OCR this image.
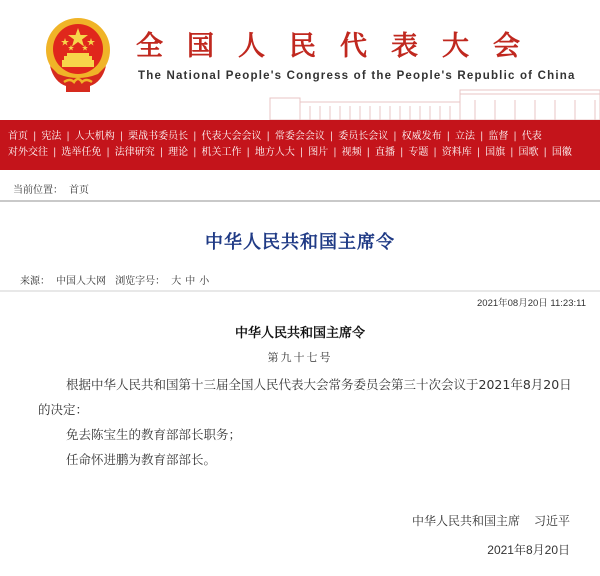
全国人民代表大会
The National People's Congress of the People's Republic of China
首页 | 宪法 | 人大机构 | 栗战书委员长 | 代表大会会议 | 常委会会议 | 委员长会议 | 权威发布 | 立法 | 监督 | 代表
对外交往 | 选举任免 | 法律研究 | 理论 | 机关工作 | 地方人大 | 图片 | 视频 | 直播 | 专题 | 资料库 | 国旗 | 国歌 | 国徽
当前位置： 首页
中华人民共和国主席令
来源： 中国人大网 浏览字号： 大 中 小
2021年08月20日 11:23:11
中华人民共和国主席令
第九十七号
根据中华人民共和国第十三届全国人民代表大会常务委员会第三十次会议于2021年8月20日的决定：
免去陈宝生的教育部部长职务；
任命怀进鹏为教育部部长。
中华人民共和国主席 习近平
2021年8月20日
